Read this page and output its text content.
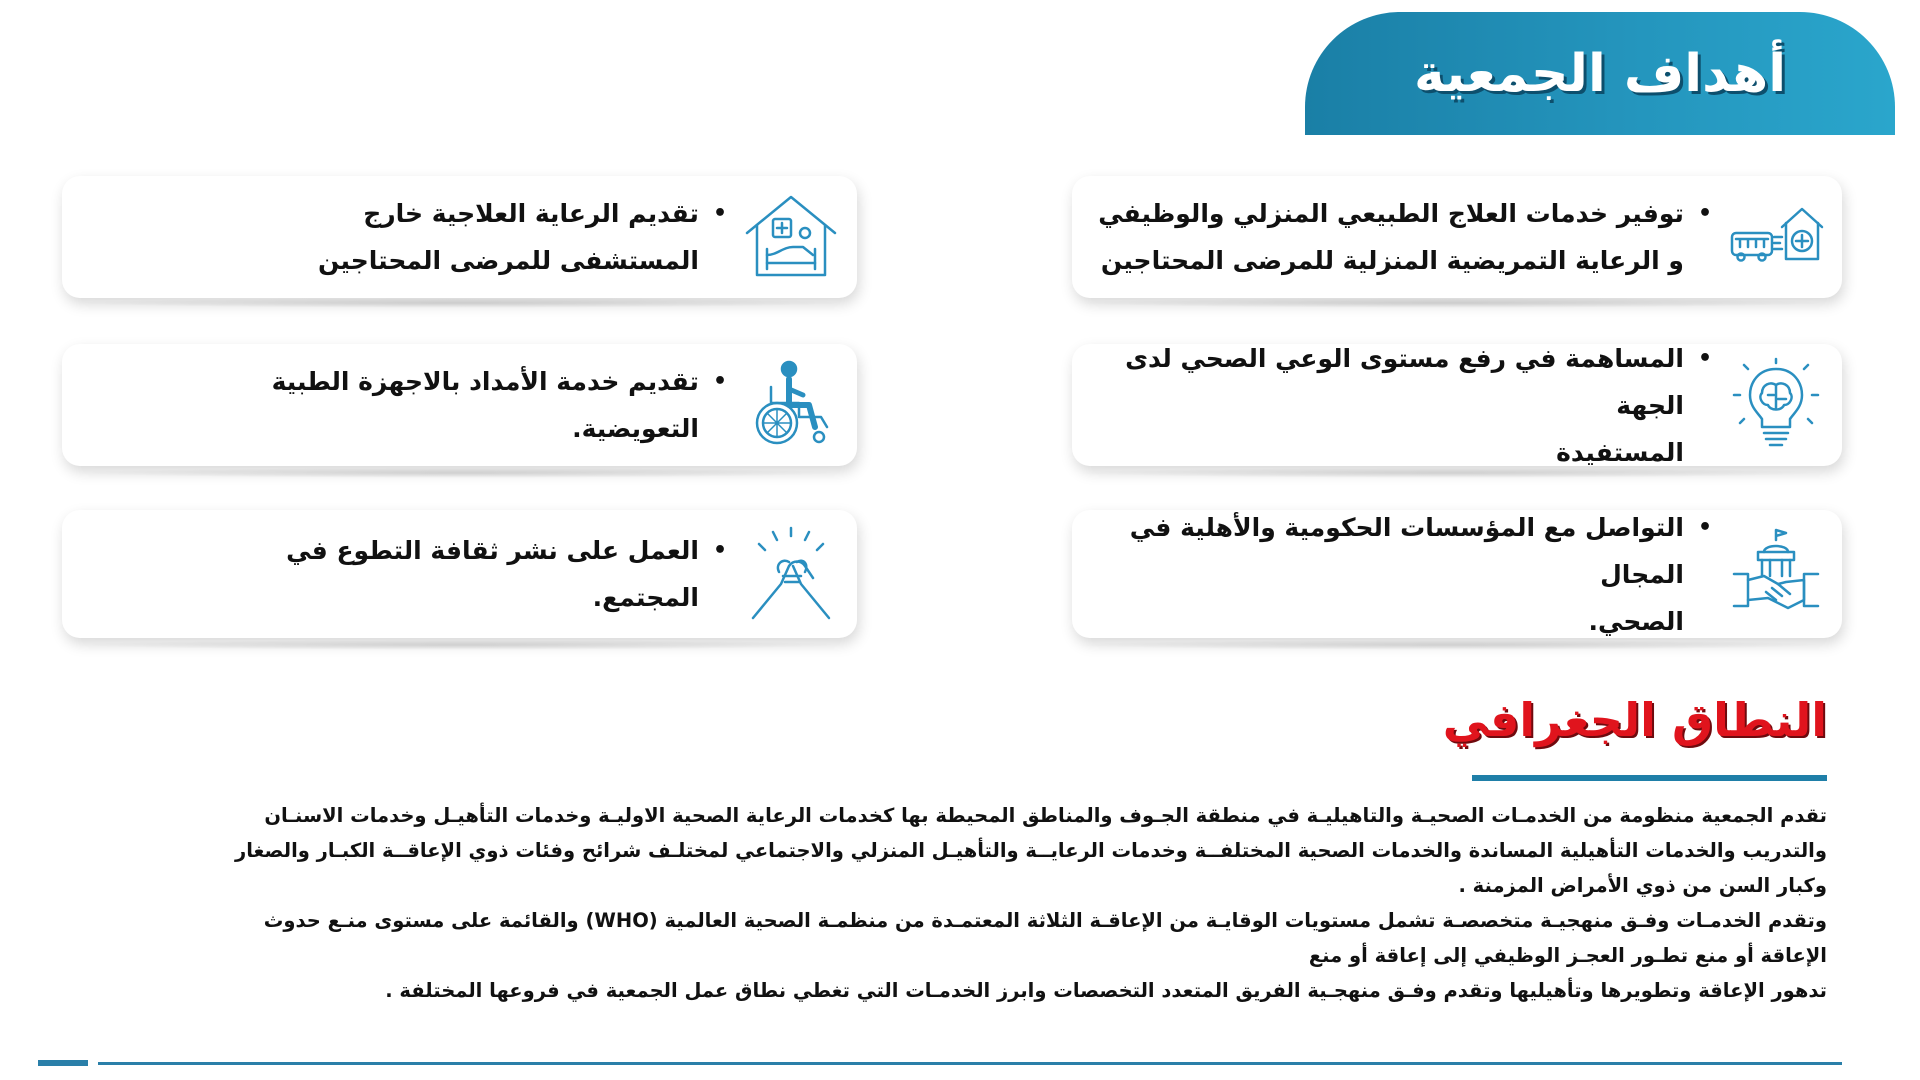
أهداف الجمعية
•
توفير خدمات العلاج الطبيعي المنزلي والوظيفي
و الرعاية التمريضية المنزلية للمرضى المحتاجين
•
المساهمة في رفع مستوى الوعي الصحي لدى الجهة
المستفيدة
•
التواصل مع المؤسسات الحكومية والأهلية في المجال
الصحي.
•
تقديم الرعاية العلاجية خارج
المستشفى للمرضى المحتاجين
•
تقديم خدمة الأمداد بالاجهزة الطبية
التعويضية.
•
العمل على نشر ثقافة التطوع في
المجتمع.
النطاق الجغرافي

تقدم الجمعية منظومة من الخدمـات الصحيـة والتاهيليـة في منطقة الجـوف والمناطق المحيطة بها كخدمات الرعاية الصحية الاوليـة وخدمات التأهيـل وخدمات الاسنـان

والتدريب والخدمات التأهيلية المساندة والخدمات الصحية المختلفــة وخدمات الرعايــة والتأهيـل المنزلي والاجتماعي لمختلـف شرائح وفئات ذوي الإعاقــة الكبـار والصغار

وكبار السن من ذوي الأمراض المزمنة .

وتقدم الخدمـات وفـق منهجيـة متخصصـة تشمل مستويات الوقايـة من الإعاقـة الثلاثة المعتمـدة من منظمـة الصحية العالمية (WHO) والقائمة على مستوى منـع حدوث

الإعاقة أو منع تطـور العجـز الوظيفي إلى إعاقة أو منع

تدهور الإعاقة وتطويرها وتأهيليها وتقدم وفـق منهجـية الفريق المتعدد التخصصات وابرز الخدمـات التي تغطي نطاق عمل الجمعية في فروعها المختلفة .
